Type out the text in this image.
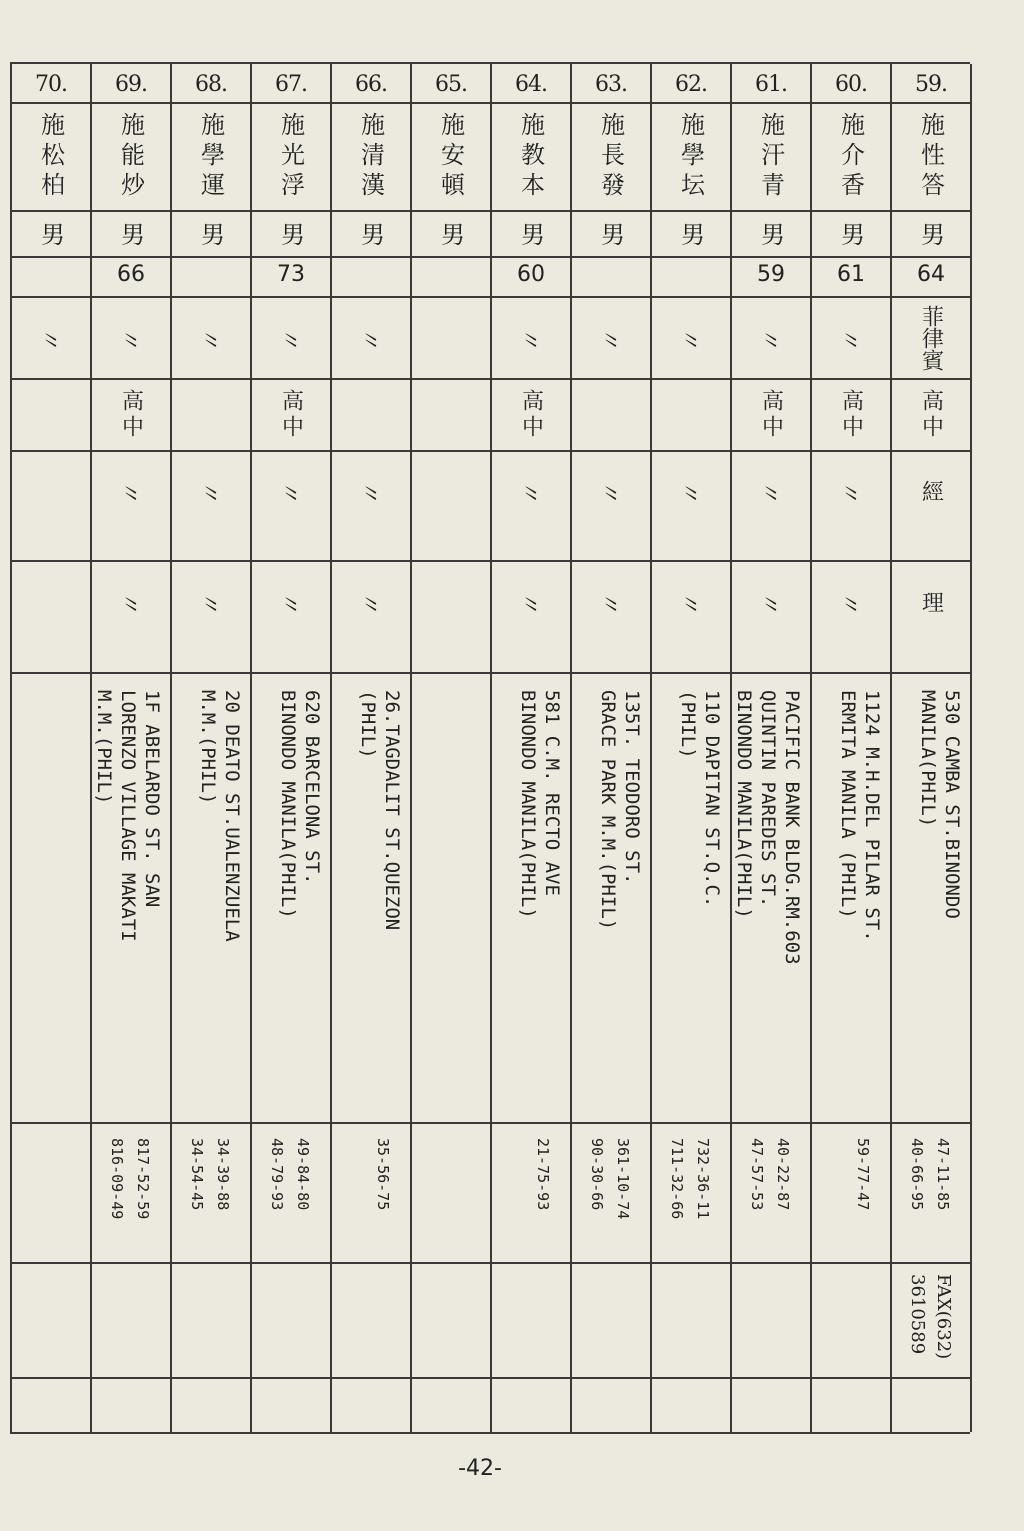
70.
施松柏
男
〃
69.
施能炒
男
66
〃
高中
〃
〃
1F ABELARDO ST. SAN
LORENZO VILLAGE MAKATI
M.M.(PHIL)
817-52-59
816-09-49
68.
施學運
男
〃
〃
〃
20 DEATO ST.UALENZUELA
M.M.(PHIL)
34-39-88
34-54-45
67.
施光浮
男
73
〃
高中
〃
〃
620 BARCELONA ST.
BINONDO MANILA(PHIL)
49-84-80
48-79-93
66.
施清漢
男
〃
〃
〃
26.TAGDALIT ST.QUEZON
(PHIL)
35-56-75
65.
施安頓
男
64.
施教本
男
60
〃
高中
〃
〃
581 C.M. RECTO AVE
BINONDO MANILA(PHIL)
21-75-93
63.
施長發
男
〃
〃
〃
135T. TEODORO ST.
GRACE PARK M.M.(PHIL)
361-10-74
90-30-66
62.
施學坛
男
〃
〃
〃
110 DAPITAN ST.Q.C.
(PHIL)
732-36-11
711-32-66
61.
施汗青
男
59
〃
高中
〃
〃
PACIFIC BANK BLDG.RM.603
QUINTIN PAREDES ST.
BINONDO MANILA(PHIL)
40-22-87
47-57-53
60.
施介香
男
61
〃
高中
〃
〃
1124 M.H.DEL PILAR ST.
ERMITA MANILA (PHIL)
59-77-47
59.
施性答
男
64
菲律賓
高中
經
理
530 CAMBA ST.BINONDO
MANILA(PHIL)
47-11-85
40-66-95
FAX(632)
3610589
-42-
